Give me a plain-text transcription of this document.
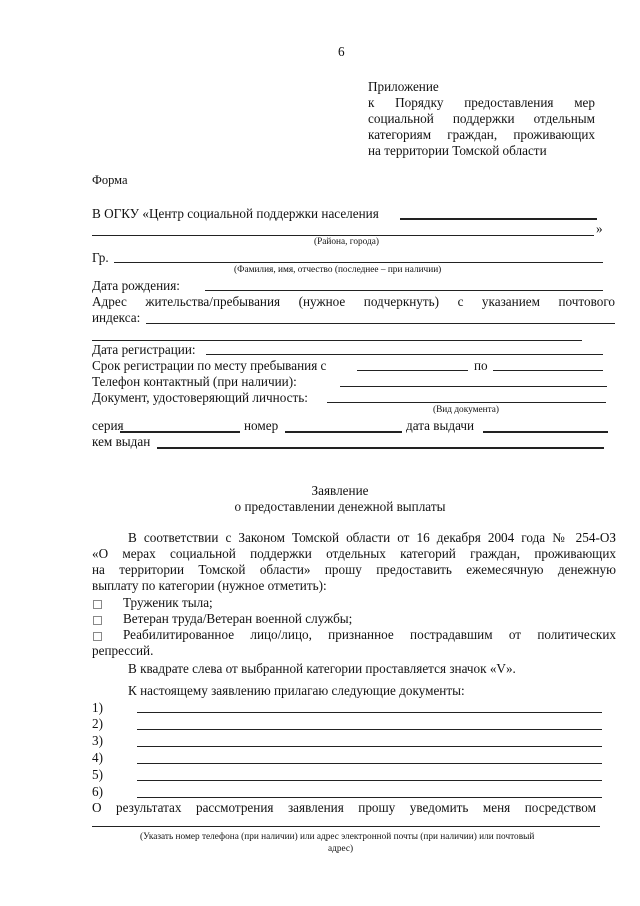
6
Приложение
к Порядку предоставления мер
социальной поддержки отдельным
категориям граждан, проживающих
на территории Томской области
Форма
В ОГКУ «Центр социальной поддержки населения
»
(Района, города)
Гр.
(Фамилия, имя, отчество (последнее – при наличии)
Дата рождения:
Адрес жительства/пребывания (нужное подчеркнуть) с указанием почтового
индекса:
Дата регистрации:
Срок регистрации по месту пребывания с	по
Телефон контактный (при наличии):
Документ, удостоверяющий личность:
(Вид документа)
серия	номер	дата выдачи
кем выдан
Заявление
о предоставлении денежной выплаты
В соответствии с Законом Томской области от 16 декабря 2004 года № 254-ОЗ
«О мерах социальной поддержки отдельных категорий граждан, проживающих
на территории Томской области» прошу предоставить ежемесячную денежную
выплату по категории (нужное отметить):
Труженик тыла;
Ветеран труда/Ветеран военной службы;
Реабилитированное лицо/лицо, признанное пострадавшим от политических
репрессий.
В квадрате слева от выбранной категории проставляется значок «V».
К настоящему заявлению прилагаю следующие документы:
1)
2)
3)
4)
5)
6)
О результатах рассмотрения заявления прошу уведомить меня посредством
(Указать номер телефона (при наличии) или адрес электронной почты (при наличии) или почтовый
адрес)
